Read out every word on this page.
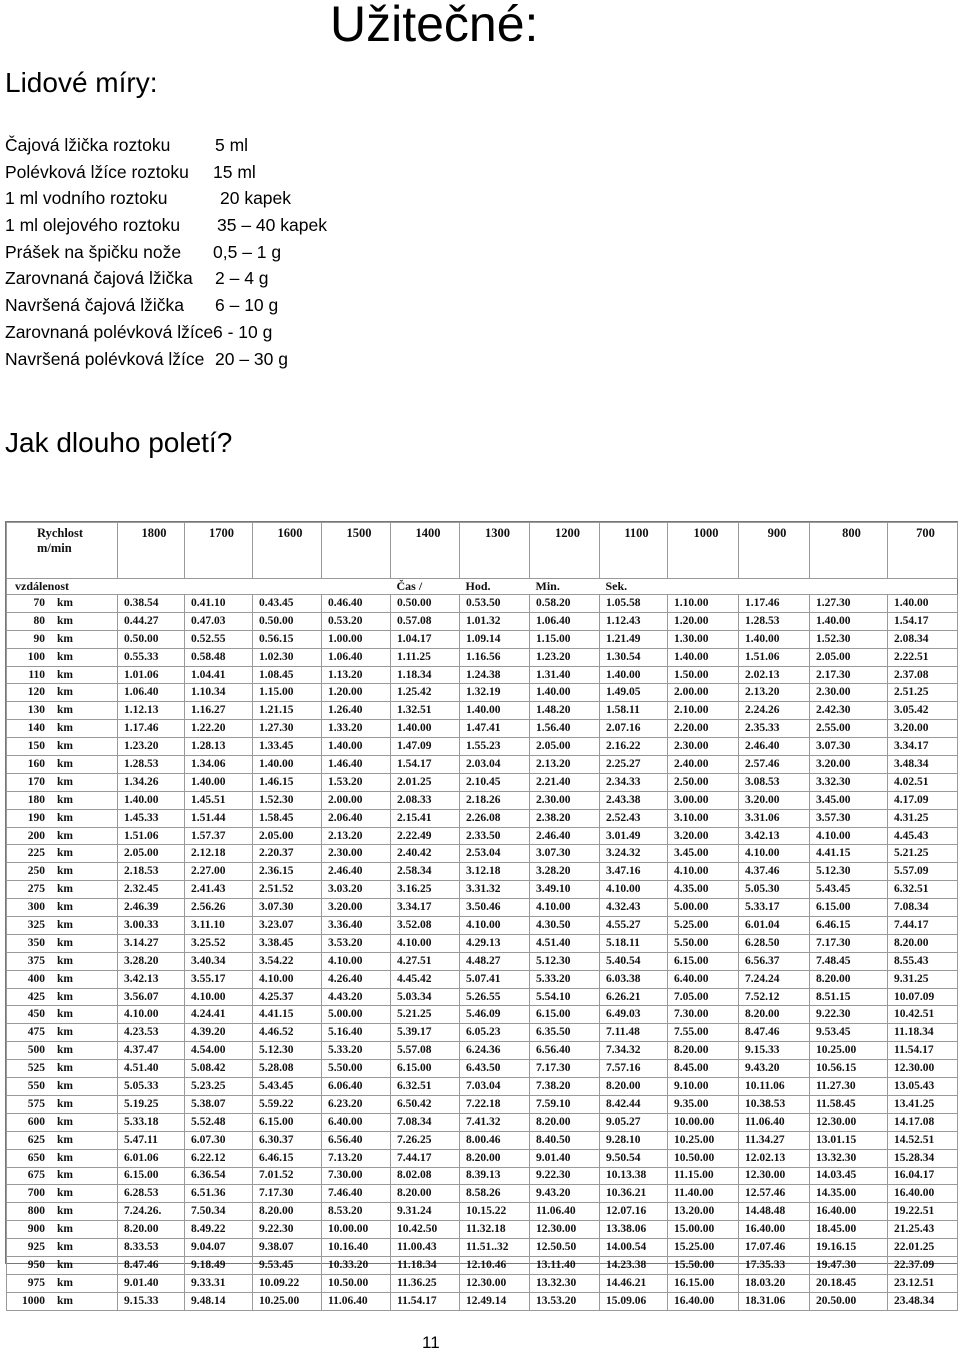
Užitečné:
Lidové míry:
Čajová lžička roztoku	5 ml
Polévková lžíce roztoku 15 ml
1 ml vodního roztoku	20 kapek
1 ml olejového roztoku 35 – 40 kapek
Prášek na špičku nože 0,5 – 1 g
Zarovnaná čajová lžička 2 – 4 g
Navršená čajová lžička 6 – 10 g
Zarovnaná polévková lžíce 6 - 10 g
Navršená polévková lžíce 20 – 30 g
Jak dlouho poletí?
Rychlost m/min	1800	1700	1600	1500	1400	1300	1200	1100	1000	900	800	700
vzdálenost					Čas /	Hod.	Min.	Sek.				
70 km	0.38.54	0.41.10	0.43.45	0.46.40	0.50.00	0.53.50	0.58.20	1.05.58	1.10.00	1.17.46	1.27.30	1.40.00
80 km	0.44.27	0.47.03	0.50.00	0.53.20	0.57.08	1.01.32	1.06.40	1.12.43	1.20.00	1.28.53	1.40.00	1.54.17
90 km	0.50.00	0.52.55	0.56.15	1.00.00	1.04.17	1.09.14	1.15.00	1.21.49	1.30.00	1.40.00	1.52.30	2.08.34
100 km	0.55.33	0.58.48	1.02.30	1.06.40	1.11.25	1.16.56	1.23.20	1.30.54	1.40.00	1.51.06	2.05.00	2.22.51
110 km	1.01.06	1.04.41	1.08.45	1.13.20	1.18.34	1.24.38	1.31.40	1.40.00	1.50.00	2.02.13	2.17.30	2.37.08
120 km	1.06.40	1.10.34	1.15.00	1.20.00	1.25.42	1.32.19	1.40.00	1.49.05	2.00.00	2.13.20	2.30.00	2.51.25
130 km	1.12.13	1.16.27	1.21.15	1.26.40	1.32.51	1.40.00	1.48.20	1.58.11	2.10.00	2.24.26	2.42.30	3.05.42
140 km	1.17.46	1.22.20	1.27.30	1.33.20	1.40.00	1.47.41	1.56.40	2.07.16	2.20.00	2.35.33	2.55.00	3.20.00
150 km	1.23.20	1.28.13	1.33.45	1.40.00	1.47.09	1.55.23	2.05.00	2.16.22	2.30.00	2.46.40	3.07.30	3.34.17
160 km	1.28.53	1.34.06	1.40.00	1.46.40	1.54.17	2.03.04	2.13.20	2.25.27	2.40.00	2.57.46	3.20.00	3.48.34
170 km	1.34.26	1.40.00	1.46.15	1.53.20	2.01.25	2.10.45	2.21.40	2.34.33	2.50.00	3.08.53	3.32.30	4.02.51
180 km	1.40.00	1.45.51	1.52.30	2.00.00	2.08.33	2.18.26	2.30.00	2.43.38	3.00.00	3.20.00	3.45.00	4.17.09
190 km	1.45.33	1.51.44	1.58.45	2.06.40	2.15.41	2.26.08	2.38.20	2.52.43	3.10.00	3.31.06	3.57.30	4.31.25
200 km	1.51.06	1.57.37	2.05.00	2.13.20	2.22.49	2.33.50	2.46.40	3.01.49	3.20.00	3.42.13	4.10.00	4.45.43
225 km	2.05.00	2.12.18	2.20.37	2.30.00	2.40.42	2.53.04	3.07.30	3.24.32	3.45.00	4.10.00	4.41.15	5.21.25
250 km	2.18.53	2.27.00	2.36.15	2.46.40	2.58.34	3.12.18	3.28.20	3.47.16	4.10.00	4.37.46	5.12.30	5.57.09
275 km	2.32.45	2.41.43	2.51.52	3.03.20	3.16.25	3.31.32	3.49.10	4.10.00	4.35.00	5.05.30	5.43.45	6.32.51
300 km	2.46.39	2.56.26	3.07.30	3.20.00	3.34.17	3.50.46	4.10.00	4.32.43	5.00.00	5.33.17	6.15.00	7.08.34
325 km	3.00.33	3.11.10	3.23.07	3.36.40	3.52.08	4.10.00	4.30.50	4.55.27	5.25.00	6.01.04	6.46.15	7.44.17
350 km	3.14.27	3.25.52	3.38.45	3.53.20	4.10.00	4.29.13	4.51.40	5.18.11	5.50.00	6.28.50	7.17.30	8.20.00
375 km	3.28.20	3.40.34	3.54.22	4.10.00	4.27.51	4.48.27	5.12.30	5.40.54	6.15.00	6.56.37	7.48.45	8.55.43
400 km	3.42.13	3.55.17	4.10.00	4.26.40	4.45.42	5.07.41	5.33.20	6.03.38	6.40.00	7.24.24	8.20.00	9.31.25
425 km	3.56.07	4.10.00	4.25.37	4.43.20	5.03.34	5.26.55	5.54.10	6.26.21	7.05.00	7.52.12	8.51.15	10.07.09
450 km	4.10.00	4.24.41	4.41.15	5.00.00	5.21.25	5.46.09	6.15.00	6.49.03	7.30.00	8.20.00	9.22.30	10.42.51
475 km	4.23.53	4.39.20	4.46.52	5.16.40	5.39.17	6.05.23	6.35.50	7.11.48	7.55.00	8.47.46	9.53.45	11.18.34
500 km	4.37.47	4.54.00	5.12.30	5.33.20	5.57.08	6.24.36	6.56.40	7.34.32	8.20.00	9.15.33	10.25.00	11.54.17
525 km	4.51.40	5.08.42	5.28.08	5.50.00	6.15.00	6.43.50	7.17.30	7.57.16	8.45.00	9.43.20	10.56.15	12.30.00
550 km	5.05.33	5.23.25	5.43.45	6.06.40	6.32.51	7.03.04	7.38.20	8.20.00	9.10.00	10.11.06	11.27.30	13.05.43
575 km	5.19.25	5.38.07	5.59.22	6.23.20	6.50.42	7.22.18	7.59.10	8.42.44	9.35.00	10.38.53	11.58.45	13.41.25
600 km	5.33.18	5.52.48	6.15.00	6.40.00	7.08.34	7.41.32	8.20.00	9.05.27	10.00.00	11.06.40	12.30.00	14.17.08
625 km	5.47.11	6.07.30	6.30.37	6.56.40	7.26.25	8.00.46	8.40.50	9.28.10	10.25.00	11.34.27	13.01.15	14.52.51
650 km	6.01.06	6.22.12	6.46.15	7.13.20	7.44.17	8.20.00	9.01.40	9.50.54	10.50.00	12.02.13	13.32.30	15.28.34
675 km	6.15.00	6.36.54	7.01.52	7.30.00	8.02.08	8.39.13	9.22.30	10.13.38	11.15.00	12.30.00	14.03.45	16.04.17
700 km	6.28.53	6.51.36	7.17.30	7.46.40	8.20.00	8.58.26	9.43.20	10.36.21	11.40.00	12.57.46	14.35.00	16.40.00
800 km	7.24.26.	7.50.34	8.20.00	8.53.20	9.31.24	10.15.22	11.06.40	12.07.16	13.20.00	14.48.48	16.40.00	19.22.51
900 km	8.20.00	8.49.22	9.22.30	10.00.00	10.42.50	11.32.18	12.30.00	13.38.06	15.00.00	16.40.00	18.45.00	21.25.43
925 km	8.33.53	9.04.07	9.38.07	10.16.40	11.00.43	11.51..32	12.50.50	14.00.54	15.25.00	17.07.46	19.16.15	22.01.25
950 km	8.47.46	9.18.49	9.53.45	10.33.20	11.18.34	12.10.46	13.11.40	14.23.38	15.50.00	17.35.33	19.47.30	22.37.09
975 km	9.01.40	9.33.31	10.09.22	10.50.00	11.36.25	12.30.00	13.32.30	14.46.21	16.15.00	18.03.20	20.18.45	23.12.51
1000 km	9.15.33	9.48.14	10.25.00	11.06.40	11.54.17	12.49.14	13.53.20	15.09.06	16.40.00	18.31.06	20.50.00	23.48.34
11
